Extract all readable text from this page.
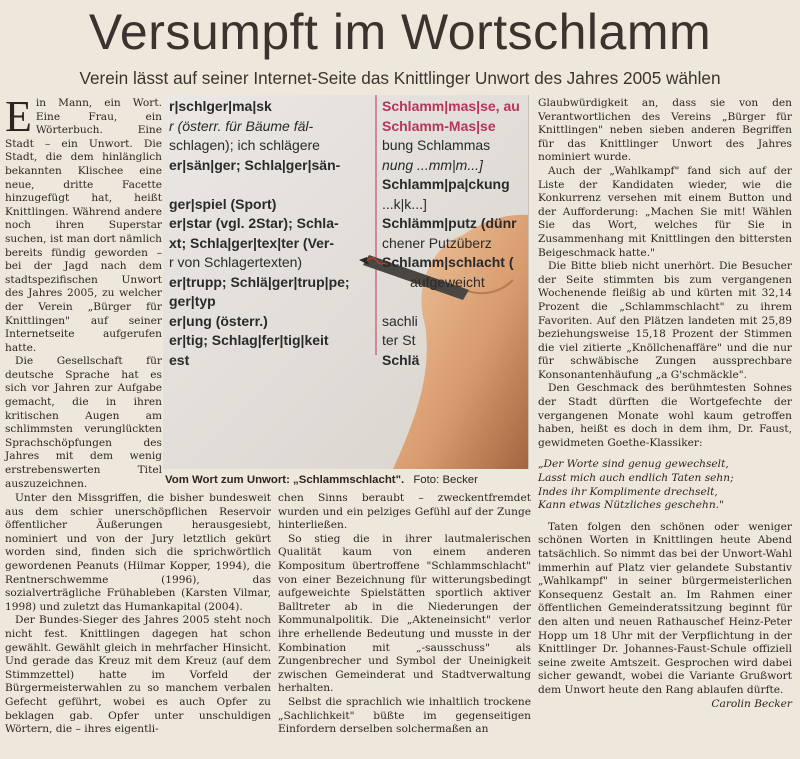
Versumpft im Wortschlamm
Verein lässt auf seiner Internet-Seite das Knittlinger Unwort des Jahres 2005 wählen
r|schlger|ma|sk
r (österr. für Bäume fäl-
schlagen); ich schlägere
er|sän|ger; Schla|ger|sän-

ger|spiel (Sport)
er|star (vgl. 2Star); Schla-
xt; Schla|ger|tex|ter (Ver-
r von Schlagertexten)
er|trupp; Schlä|ger|trup|pe;
ger|typ
er|ung (österr.)
er|tig; Schlag|fer|tig|keit
est
Schlamm|mas|se, au
Schlamm-Mas|se
bung Schlammas
nung ...mm|m...]
Schlamm|pa|ckung
...k|k...]
Schlämm|putz (dünr
chener Putzüberz
Schlamm|schlacht (
aufgeweicht

sachli
ter St
Schlä
Vom Wort zum Unwort: „Schlammschlacht". Foto: Becker

Ein Mann, ein Wort. Eine Frau, ein Wörterbuch. Eine Stadt – ein Unwort. Die Stadt, die dem hinlänglich bekannten Klischee eine neue, dritte Facette hinzugefügt hat, heißt Knittlingen. Während andere noch ihren Superstar suchen, ist man dort nämlich bereits fündig geworden – bei der Jagd nach dem stadtspezifischen Unwort des Jahres 2005, zu welcher der Verein „Bürger für Knittlingen" auf seiner Internetseite aufgerufen hatte.

Die Gesellschaft für deutsche Sprache hat es sich vor Jahren zur Aufgabe gemacht, die in ihren kritischen Augen am schlimmsten verunglückten Sprachschöpfungen des Jahres mit dem wenig erstrebenswerten Titel auszuzeichnen.

Unter den Missgriffen, die bisher bundesweit aus dem schier unerschöpflichen Reservoir öffentlicher Äußerungen herausgesiebt, nominiert und von der Jury letztlich gekürt worden sind, finden sich die sprichwörtlich gewordenen Peanuts (Hilmar Kopper, 1994), die Rentnerschwemme (1996), das sozialverträgliche Frühableben (Karsten Vilmar, 1998) und zuletzt das Humankapital (2004).

Der Bundes-Sieger des Jahres 2005 steht noch nicht fest. Knittlingen dagegen hat schon gewählt. Gewählt gleich in mehrfacher Hinsicht. Und gerade das Kreuz mit dem Kreuz (auf dem Stimmzettel) hatte im Vorfeld der Bürgermeisterwahlen zu so manchem verbalen Gefecht geführt, wobei es auch Opfer zu beklagen gab. Opfer unter unschuldigen Wörtern, die – ihres eigentli-

chen Sinns beraubt – zweckentfremdet wurden und ein pelziges Gefühl auf der Zunge hinterließen.

So stieg die in ihrer lautmalerischen Qualität kaum von einem anderen Kompositum übertroffene "Schlammschlacht" von einer Bezeichnung für witterungsbedingt aufgeweichte Spielstätten sportlich aktiver Balltreter ab in die Niederungen der Kommunalpolitik. Die „Akteneinsicht" verlor ihre erhellende Bedeutung und musste in der Kombination mit „-sausschuss" als Zungenbrecher und Symbol der Uneinigkeit zwischen Gemeinderat und Stadtverwaltung herhalten.

Selbst die sprachlich wie inhaltlich trockene „Sachlichkeit" büßte im gegenseitigen Einfordern derselben solchermaßen an

Glaubwürdigkeit an, dass sie von den Verantwortlichen des Vereins „Bürger für Knittlingen" neben sieben anderen Begriffen für das Knittlinger Unwort des Jahres nominiert wurde.

Auch der „Wahlkampf" fand sich auf der Liste der Kandidaten wieder, wie die Konkurrenz versehen mit einem Button und der Aufforderung: „Machen Sie mit! Wählen Sie das Wort, welches für Sie in Zusammenhang mit Knittlingen den bittersten Beigeschmack hatte."

Die Bitte blieb nicht unerhört. Die Besucher der Seite stimmten bis zum vergangenen Wochenende fleißig ab und kürten mit 32,14 Prozent die „Schlammschlacht" zu ihrem Favoriten. Auf den Plätzen landeten mit 25,89 beziehungsweise 15,18 Prozent der Stimmen die viel zitierte „Knöllchenaffäre" und die nur für schwäbische Zungen aussprechbare Konsonantenhäufung „a G'schmäckle".

Den Geschmack des berühmtesten Sohnes der Stadt dürften die Wortgefechte der vergangenen Monate wohl kaum getroffen haben, heißt es doch in dem ihm, Dr. Faust, gewidmeten Goethe-Klassiker:

„Der Worte sind genug gewechselt,

Lasst mich auch endlich Taten sehn;

Indes ihr Komplimente drechselt,

Kann etwas Nützliches geschehn."

Taten folgen den schönen oder weniger schönen Worten in Knittlingen heute Abend tatsächlich. So nimmt das bei der Unwort-Wahl immerhin auf Platz vier gelandete Substantiv „Wahlkampf" in seiner bürgermeisterlichen Konsequenz Gestalt an. Im Rahmen einer öffentlichen Gemeinderatssitzung beginnt für den alten und neuen Rathauschef Heinz-Peter Hopp um 18 Uhr mit der Verpflichtung in der Knittlinger Dr. Johannes-Faust-Schule offiziell seine zweite Amtszeit. Gesprochen wird dabei sicher gewandt, wobei die Variante Grußwort dem Unwort heute den Rang ablaufen dürfte.

Carolin Becker
